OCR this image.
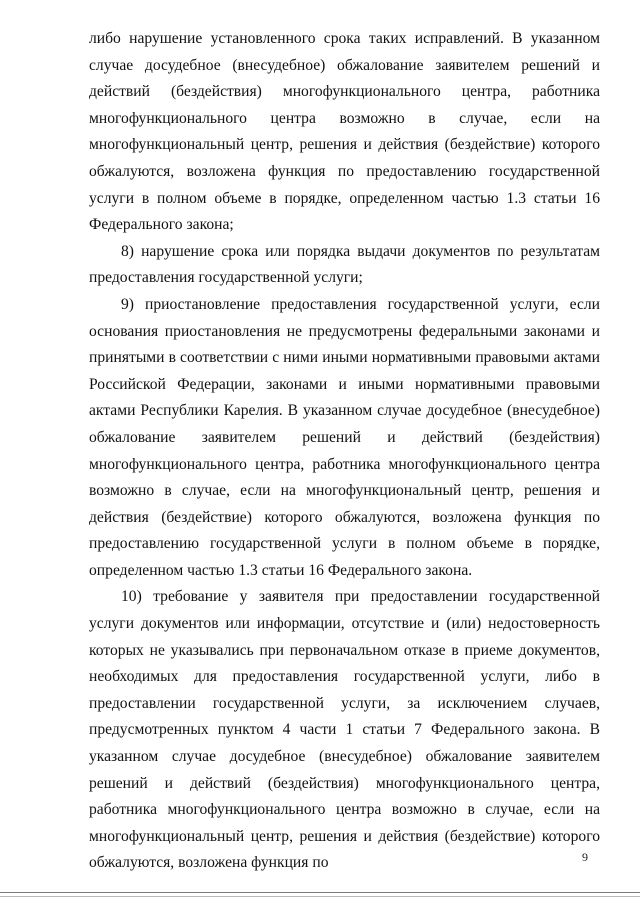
либо нарушение установленного срока таких исправлений. В указанном случае досудебное (внесудебное) обжалование заявителем решений и действий (бездействия) многофункционального центра, работника многофункционального центра возможно в случае, если на многофункциональный центр, решения и действия (бездействие) которого обжалуются, возложена функция по предоставлению государственной услуги в полном объеме в порядке, определенном частью 1.3 статьи 16 Федерального закона;

8) нарушение срока или порядка выдачи документов по результатам предоставления государственной услуги;

9) приостановление предоставления государственной услуги, если основания приостановления не предусмотрены федеральными законами и принятыми в соответствии с ними иными нормативными правовыми актами Российской Федерации, законами и иными нормативными правовыми актами Республики Карелия. В указанном случае досудебное (внесудебное) обжалование заявителем решений и действий (бездействия) многофункционального центра, работника многофункционального центра возможно в случае, если на многофункциональный центр, решения и действия (бездействие) которого обжалуются, возложена функция по предоставлению государственной услуги в полном объеме в порядке, определенном частью 1.3 статьи 16 Федерального закона.

10) требование у заявителя при предоставлении государственной услуги документов или информации, отсутствие и (или) недостоверность которых не указывались при первоначальном отказе в приеме документов, необходимых для предоставления государственной услуги, либо в предоставлении государственной услуги, за исключением случаев, предусмотренных пунктом 4 части 1 статьи 7 Федерального закона. В указанном случае досудебное (внесудебное) обжалование заявителем решений и действий (бездействия) многофункционального центра, работника многофункционального центра возможно в случае, если на многофункциональный центр, решения и действия (бездействие) которого обжалуются, возложена функция по	9
